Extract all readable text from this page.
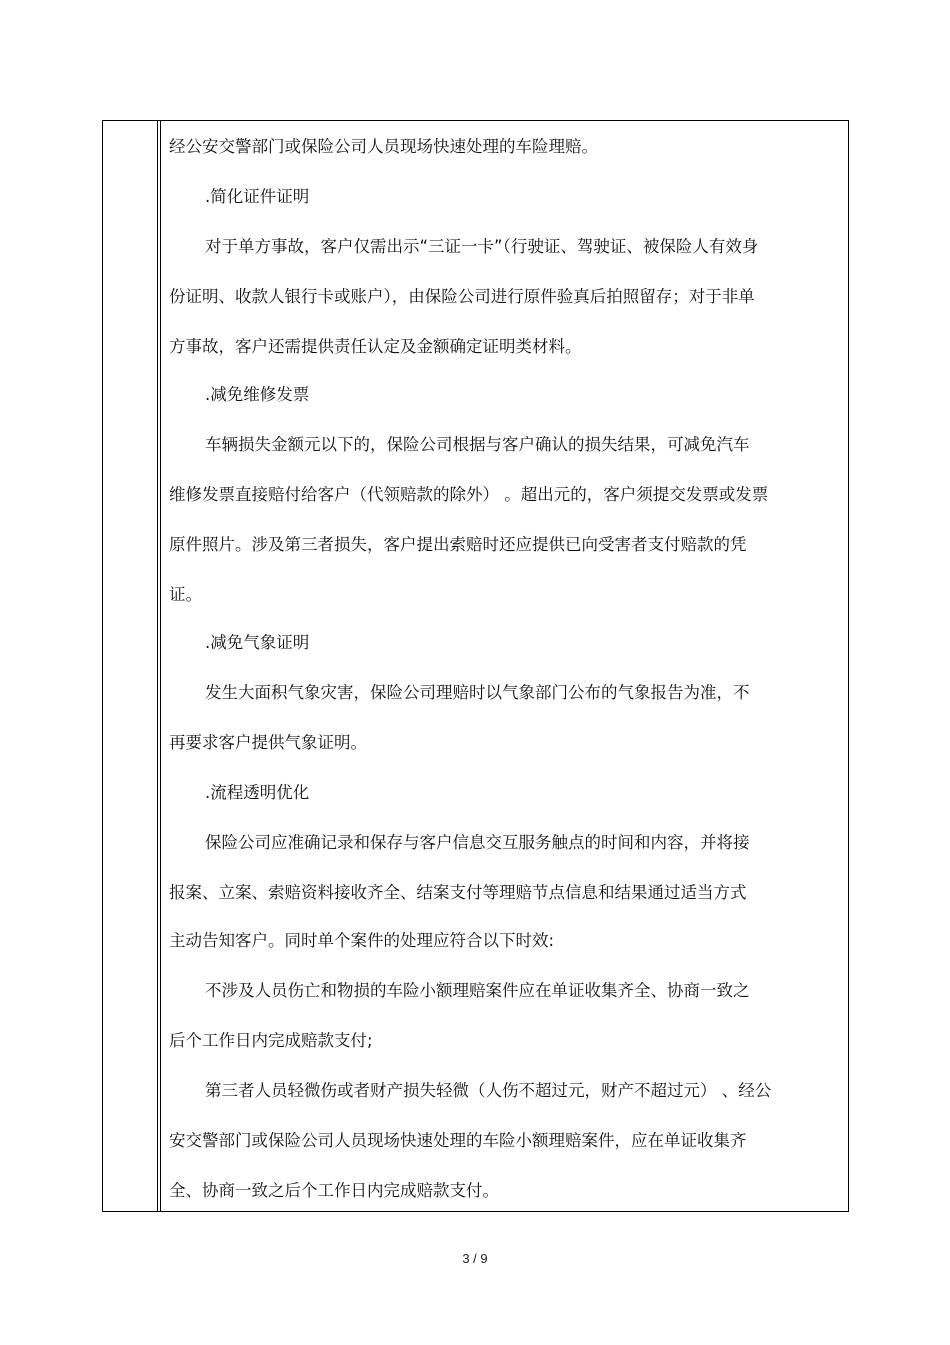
经公安交警部门或保险公司人员现场快速处理的车险理赔。
.简化证件证明
对于单方事故，客户仅需出示“三证一卡”（行驶证、驾驶证、被保险人有效身
份证明、收款人银行卡或账户），由保险公司进行原件验真后拍照留存；对于非单
方事故，客户还需提供责任认定及金额确定证明类材料。
.减免维修发票
车辆损失金额元以下的，保险公司根据与客户确认的损失结果，可减免汽车
维修发票直接赔付给客户（代领赔款的除外） 。超出元的，客户须提交发票或发票
原件照片。涉及第三者损失，客户提出索赔时还应提供已向受害者支付赔款的凭
证。
.减免气象证明
发生大面积气象灾害，保险公司理赔时以气象部门公布的气象报告为准，不
再要求客户提供气象证明。
.流程透明优化
保险公司应准确记录和保存与客户信息交互服务触点的时间和内容，并将接
报案、立案、索赔资料接收齐全、结案支付等理赔节点信息和结果通过适当方式
主动告知客户。同时单个案件的处理应符合以下时效:
不涉及人员伤亡和物损的车险小额理赔案件应在单证收集齐全、协商一致之
后个工作日内完成赔款支付;
第三者人员轻微伤或者财产损失轻微（人伤不超过元，财产不超过元） 、经公
安交警部门或保险公司人员现场快速处理的车险小额理赔案件，应在单证收集齐
全、协商一致之后个工作日内完成赔款支付。
3 / 9
